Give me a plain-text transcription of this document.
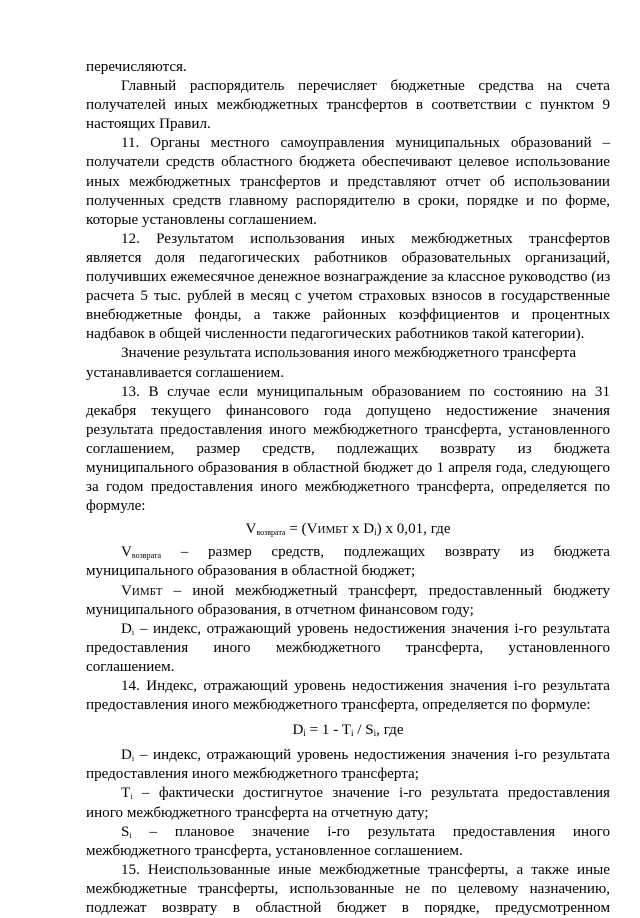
перечисляются.
Главный распорядитель перечисляет бюджетные средства на счета
получателей иных межбюджетных трансфертов в соответствии с пунктом 9
настоящих Правил.
11. Органы местного самоуправления муниципальных образований –
получатели средств областного бюджета обеспечивают целевое использование
иных межбюджетных трансфертов и представляют отчет об использовании
полученных средств главному распорядителю в сроки, порядке и по форме,
которые установлены соглашением.
12. Результатом использования иных межбюджетных трансфертов
является доля педагогических работников образовательных организаций,
получивших ежемесячное денежное вознаграждение за классное руководство (из
расчета 5 тыс. рублей в месяц с учетом страховых взносов в государственные
внебюджетные фонды, а также районных коэффициентов и процентных
надбавок в общей численности педагогических работников такой категории).
Значение результата использования иного межбюджетного трансферта
устанавливается соглашением.
13. В случае если муниципальным образованием по состоянию на 31
декабря текущего финансового года допущено недостижение значения
результата предоставления иного межбюджетного трансферта, установленного
соглашением, размер средств, подлежащих возврату из бюджета
муниципального образования в областной бюджет до 1 апреля года, следующего
за годом предоставления иного межбюджетного трансферта, определяется по
формуле:
Vвозврата = (VИМБТ x $D_i$) x 0,01, где
Vвозврата – размер средств, подлежащих возврату из бюджета
муниципального образования в областной бюджет;
VИМБТ – иной межбюджетный трансферт, предоставленный бюджету
муниципального образования, в отчетном финансовом году;
Di – индекс, отражающий уровень недостижения значения i-го результата
предоставления иного межбюджетного трансферта, установленного
соглашением.
14. Индекс, отражающий уровень недостижения значения i-го результата
предоставления иного межбюджетного трансферта, определяется по формуле:
$D_i = 1 - T_i / S_i$, где
Di – индекс, отражающий уровень недостижения значения i-го результата
предоставления иного межбюджетного трансферта;
Ti – фактически достигнутое значение i-го результата предоставления
иного межбюджетного трансферта на отчетную дату;
Si – плановое значение i-го результата предоставления иного
межбюджетного трансферта, установленное соглашением.
15. Неиспользованные иные межбюджетные трансферты, а также иные
межбюджетные трансферты, использованные не по целевому назначению,
подлежат возврату в областной бюджет в порядке, предусмотренном
